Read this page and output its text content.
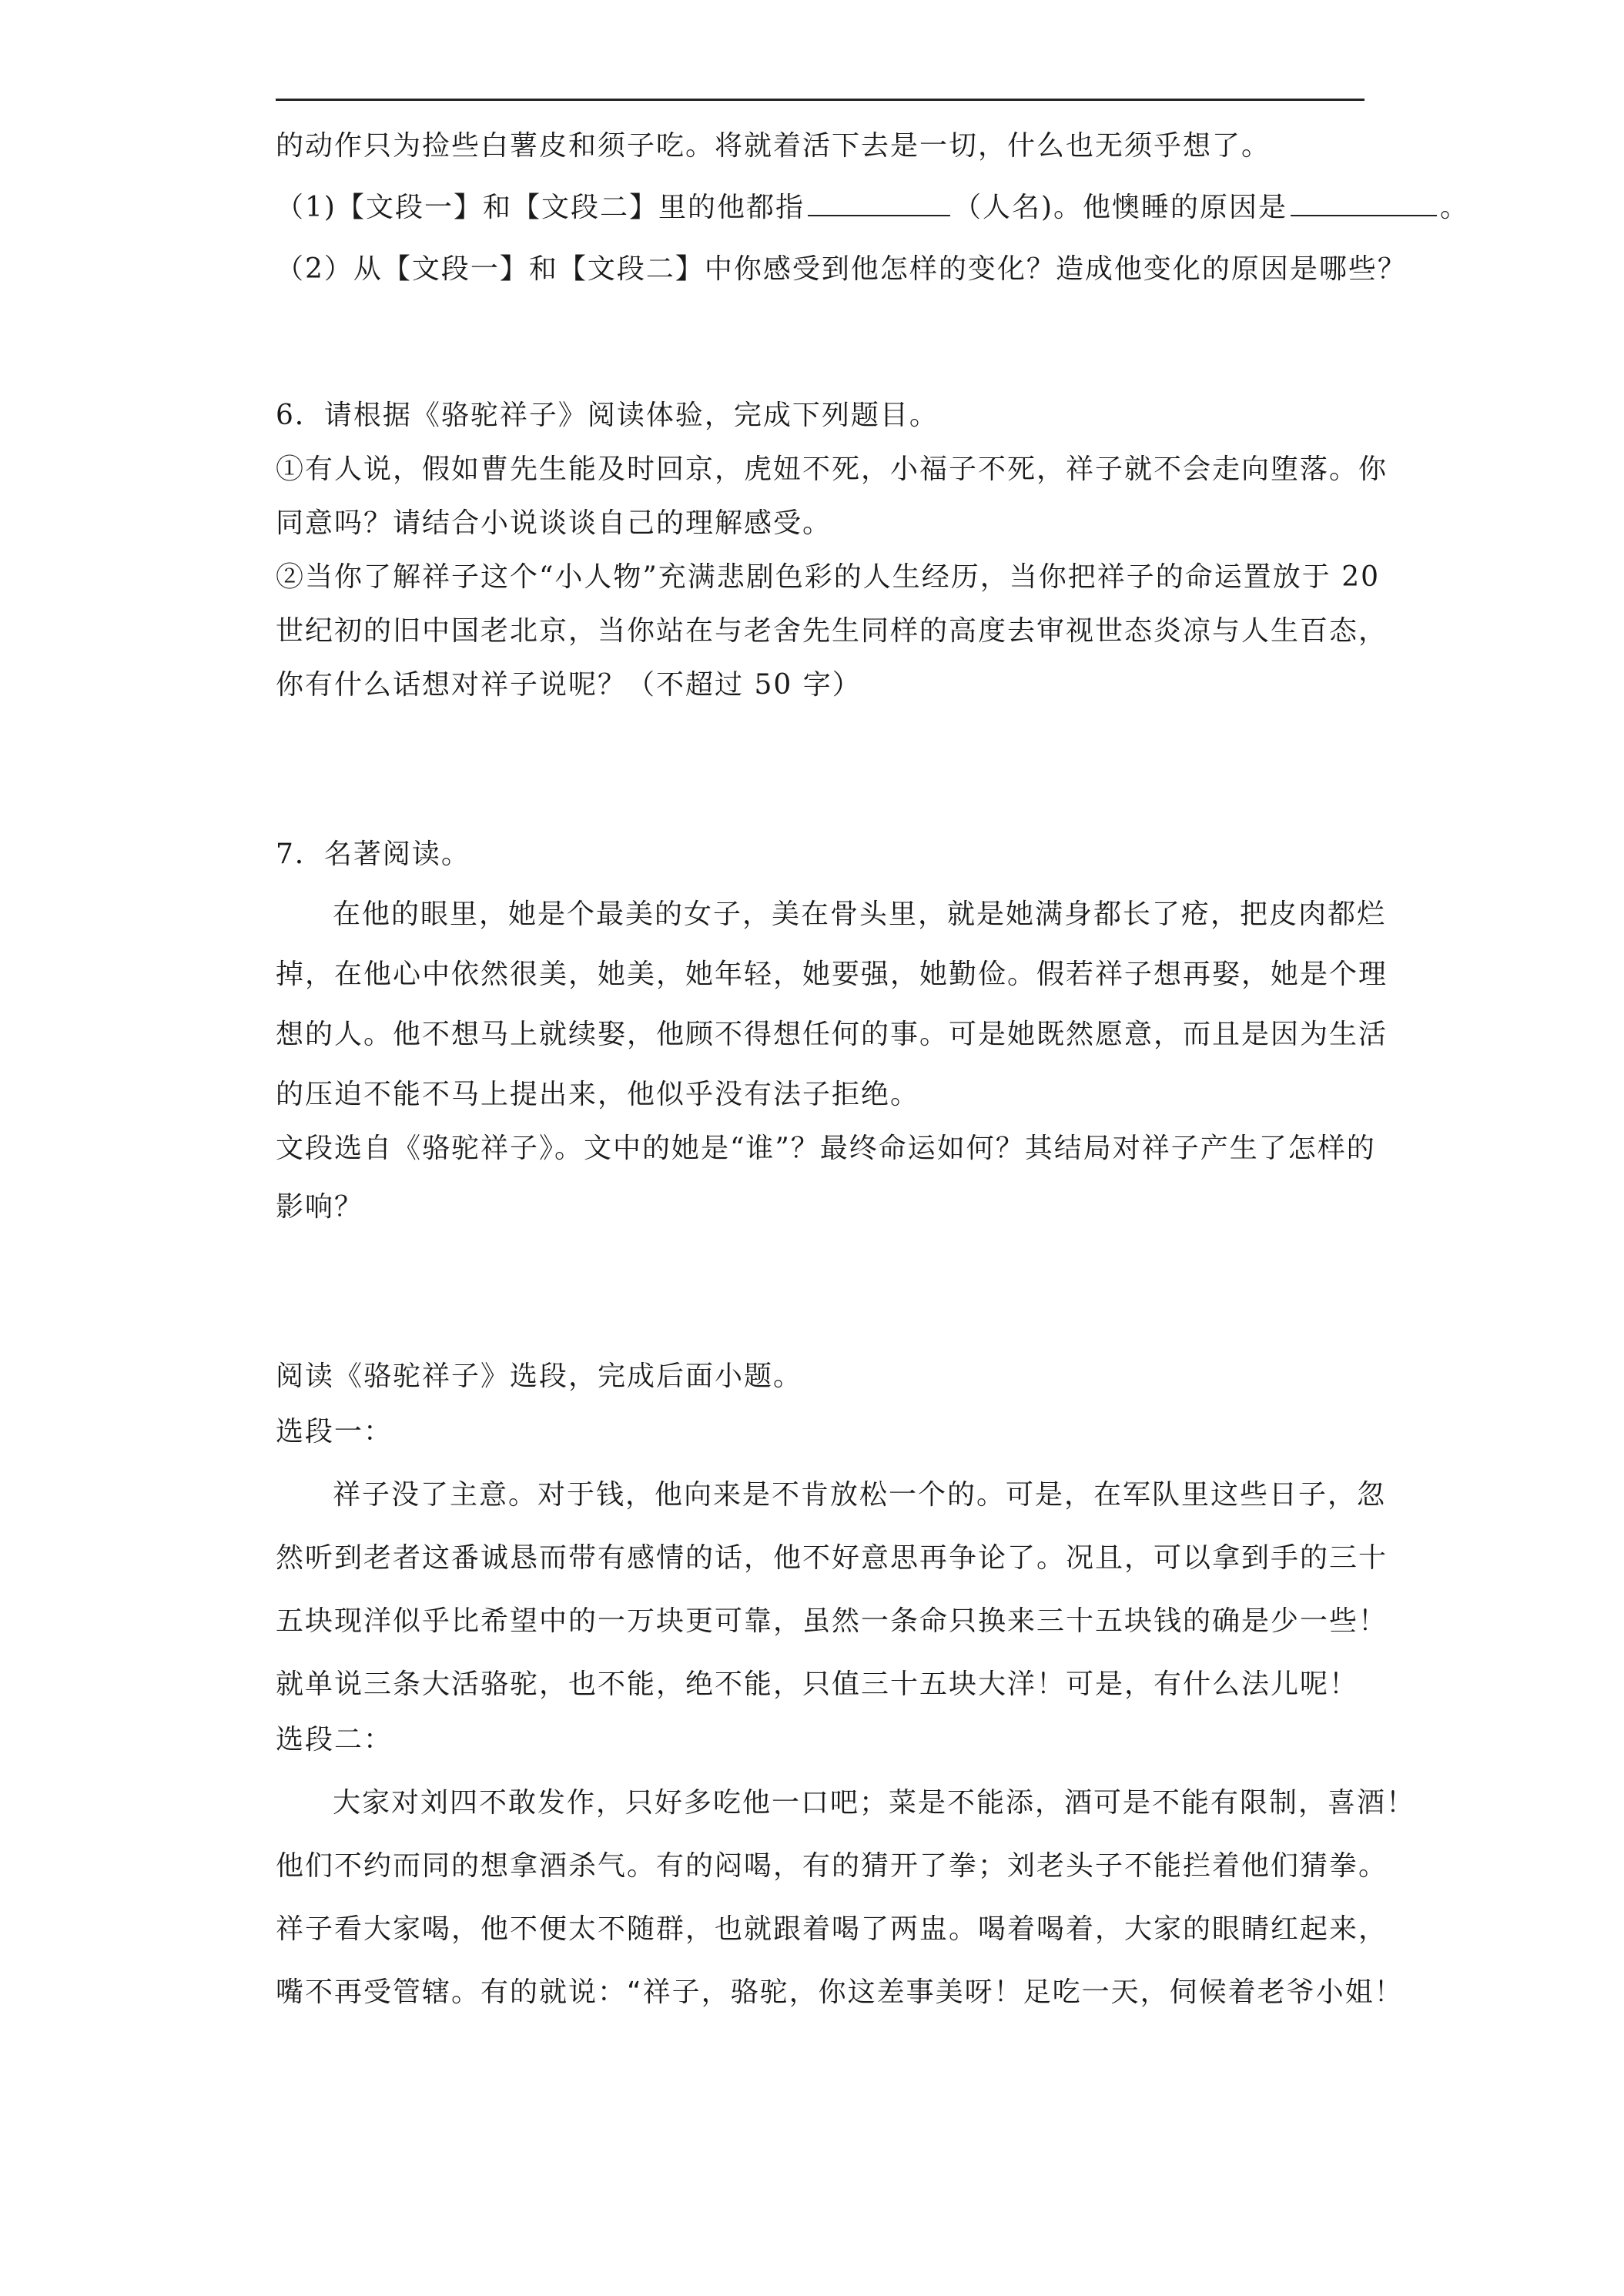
的动作只为捡些白薯皮和须子吃。将就着活下去是一切，什么也无须乎想了。
（1)【文段一】和【文段二】里的他都指	（人名)。他懊睡的原因是	。
（2）从【文段一】和【文段二】中你感受到他怎样的变化？造成他变化的原因是哪些？
6．请根据《骆驼祥子》阅读体验，完成下列题目。
①有人说，假如曹先生能及时回京，虎妞不死，小福子不死，祥子就不会走向堕落。你
同意吗？请结合小说谈谈自己的理解感受。
②当你了解祥子这个“小人物”充满悲剧色彩的人生经历，当你把祥子的命运置放于 20
世纪初的旧中国老北京，当你站在与老舍先生同样的高度去审视世态炎凉与人生百态，
你有什么话想对祥子说呢？（不超过 50 字）
7．名著阅读。
在他的眼里，她是个最美的女子，美在骨头里，就是她满身都长了疮，把皮肉都烂
掉，在他心中依然很美，她美，她年轻，她要强，她勤俭。假若祥子想再娶，她是个理
想的人。他不想马上就续娶，他顾不得想任何的事。可是她既然愿意，而且是因为生活
的压迫不能不马上提出来，他似乎没有法子拒绝。
文段选自《骆驼祥子》。文中的她是“谁”？最终命运如何？其结局对祥子产生了怎样的
影响？
阅读《骆驼祥子》选段，完成后面小题。
选段一：
祥子没了主意。对于钱，他向来是不肯放松一个的。可是，在军队里这些日子，忽
然听到老者这番诚恳而带有感情的话，他不好意思再争论了。况且，可以拿到手的三十
五块现洋似乎比希望中的一万块更可靠，虽然一条命只换来三十五块钱的确是少一些！
就单说三条大活骆驼，也不能，绝不能，只值三十五块大洋！可是，有什么法儿呢！
选段二：
大家对刘四不敢发作，只好多吃他一口吧；菜是不能添，酒可是不能有限制，喜酒！
他们不约而同的想拿酒杀气。有的闷喝，有的猜开了拳；刘老头子不能拦着他们猜拳。
祥子看大家喝，他不便太不随群，也就跟着喝了两盅。喝着喝着，大家的眼睛红起来，
嘴不再受管辖。有的就说：“祥子，骆驼，你这差事美呀！足吃一天，伺候着老爷小姐！
